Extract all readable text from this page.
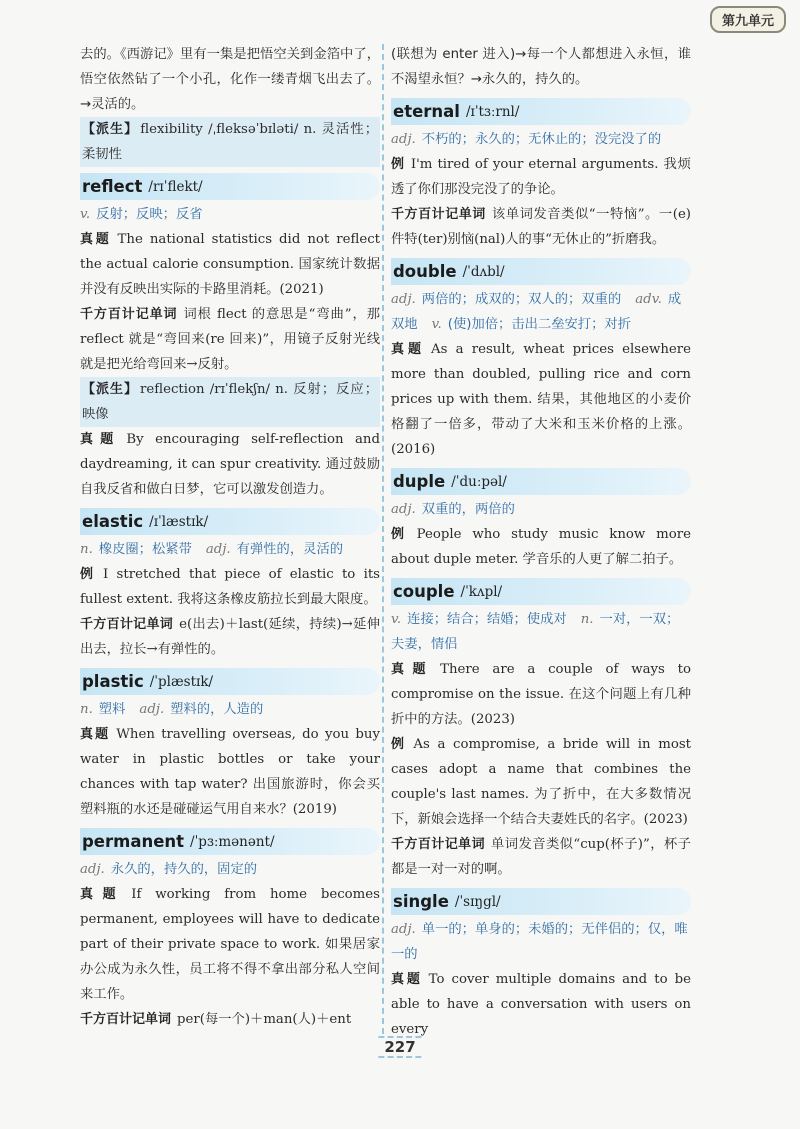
第九单元

去的。《西游记》里有一集是把悟空关到金箔中了，悟空依然钻了一个小孔，化作一缕青烟飞出去了。→灵活的。

【派生】 flexibility /ˌfleksəˈbɪləti/ n. 灵活性；柔韧性

reflect /rɪˈflekt/

v. 反射；反映；反省

真题 The national statistics did not reflect the actual calorie consumption. 国家统计数据并没有反映出实际的卡路里消耗。(2021)

千方百计记单词 词根 flect 的意思是“弯曲”，那 reflect 就是“弯回来(re 回来)”，用镜子反射光线就是把光给弯回来→反射。

【派生】 reflection /rɪˈflekʃn/ n. 反射；反应；映像

真题 By encouraging self-reflection and daydreaming, it can spur creativity. 通过鼓励自我反省和做白日梦，它可以激发创造力。

elastic /ɪˈlæstɪk/

n. 橡皮圈；松紧带 adj. 有弹性的，灵活的

例 I stretched that piece of elastic to its fullest extent. 我将这条橡皮筋拉长到最大限度。

千方百计记单词 e(出去)＋last(延续，持续)→延伸出去，拉长→有弹性的。

plastic /ˈplæstɪk/

n. 塑料 adj. 塑料的，人造的

真题 When travelling overseas, do you buy water in plastic bottles or take your chances with tap water? 出国旅游时，你会买塑料瓶的水还是碰碰运气用自来水？(2019)

permanent /ˈpɜːmənənt/

adj. 永久的，持久的，固定的

真题 If working from home becomes permanent, employees will have to dedicate part of their private space to work. 如果居家办公成为永久性，员工将不得不拿出部分私人空间来工作。

千方百计记单词 per(每一个)＋man(人)＋ent

(联想为 enter 进入)→每一个人都想进入永恒，谁不渴望永恒？→永久的，持久的。

eternal /ɪˈtɜːrnl/

adj. 不朽的；永久的；无休止的；没完没了的

例 I'm tired of your eternal arguments. 我烦透了你们那没完没了的争论。

千方百计记单词 该单词发音类似“一特恼”。一(e)件特(ter)别恼(nal)人的事“无休止的”折磨我。

double /ˈdʌbl/

adj. 两倍的；成双的；双人的；双重的 adv. 成双地 v. (使)加倍；击出二垒安打；对折

真题 As a result, wheat prices elsewhere more than doubled, pulling rice and corn prices up with them. 结果，其他地区的小麦价格翻了一倍多，带动了大米和玉米价格的上涨。(2016)

duple /ˈduːpəl/

adj. 双重的，两倍的

例 People who study music know more about duple meter. 学音乐的人更了解二拍子。

couple /ˈkʌpl/

v. 连接；结合；结婚；使成对 n. 一对，一双；夫妻，情侣

真题 There are a couple of ways to compromise on the issue. 在这个问题上有几种折中的方法。(2023)

例 As a compromise, a bride will in most cases adopt a name that combines the couple's last names. 为了折中，在大多数情况下，新娘会选择一个结合夫妻姓氏的名字。(2023)

千方百计记单词 单词发音类似“cup(杯子)”，杯子都是一对一对的啊。

single /ˈsɪŋgl/

adj. 单一的；单身的；未婚的；无伴侣的；仅，唯一的

真题 To cover multiple domains and to be able to have a conversation with users on every

227
